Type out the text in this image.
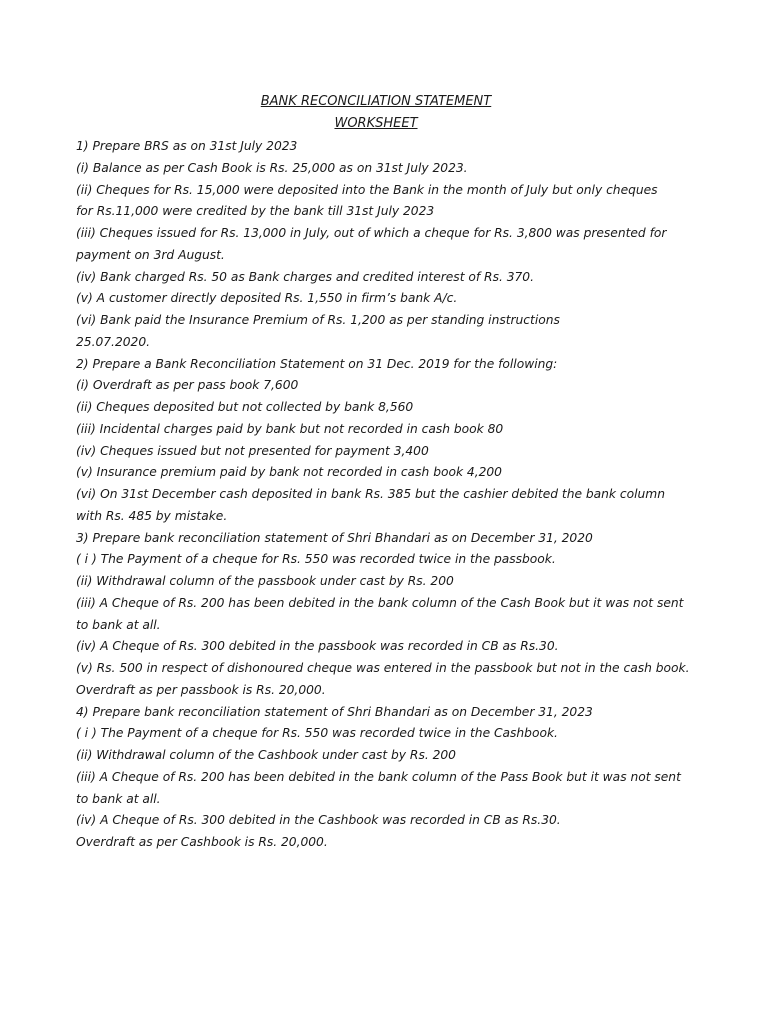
BANK RECONCILIATION STATEMENT
WORKSHEET
1) Prepare BRS as on 31st July 2023
(i) Balance as per Cash Book is Rs. 25,000 as on 31st July 2023.
(ii) Cheques for Rs. 15,000 were deposited into the Bank in the month of July but only cheques
for Rs.11,000 were credited by the bank till 31st July 2023
(iii) Cheques issued for Rs. 13,000 in July, out of which a cheque for Rs. 3,800 was presented for
payment on 3rd August.
(iv) Bank charged Rs. 50 as Bank charges and credited interest of Rs. 370.
(v) A customer directly deposited Rs. 1,550 in firm’s bank A/c.
(vi) Bank paid the Insurance Premium of Rs. 1,200 as per standing instructions
25.07.2020.
2) Prepare a Bank Reconciliation Statement on 31 Dec. 2019 for the following:
(i) Overdraft as per pass book 7,600
(ii) Cheques deposited but not collected by bank 8,560
(iii) Incidental charges paid by bank but not recorded in cash book 80
(iv) Cheques issued but not presented for payment 3,400
(v) Insurance premium paid by bank not recorded in cash book 4,200
(vi) On 31st December cash deposited in bank Rs. 385 but the cashier debited the bank column
with Rs. 485 by mistake.
3) Prepare bank reconciliation statement of Shri Bhandari as on December 31, 2020
( i ) The Payment of a cheque for Rs. 550 was recorded twice in the passbook.
(ii) Withdrawal column of the passbook under cast by Rs. 200
(iii) A Cheque of Rs. 200 has been debited in the bank column of the Cash Book but it was not sent
to bank at all.
(iv) A Cheque of Rs. 300 debited in the passbook was recorded in CB as Rs.30.
(v) Rs. 500 in respect of dishonoured cheque was entered in the passbook but not in the cash book.
Overdraft as per passbook is Rs. 20,000.
4) Prepare bank reconciliation statement of Shri Bhandari as on December 31, 2023
( i ) The Payment of a cheque for Rs. 550 was recorded twice in the Cashbook.
(ii) Withdrawal column of the Cashbook under cast by Rs. 200
(iii) A Cheque of Rs. 200 has been debited in the bank column of the Pass Book but it was not sent
to bank at all.
(iv) A Cheque of Rs. 300 debited in the Cashbook was recorded in CB as Rs.30.
Overdraft as per Cashbook is Rs. 20,000.
